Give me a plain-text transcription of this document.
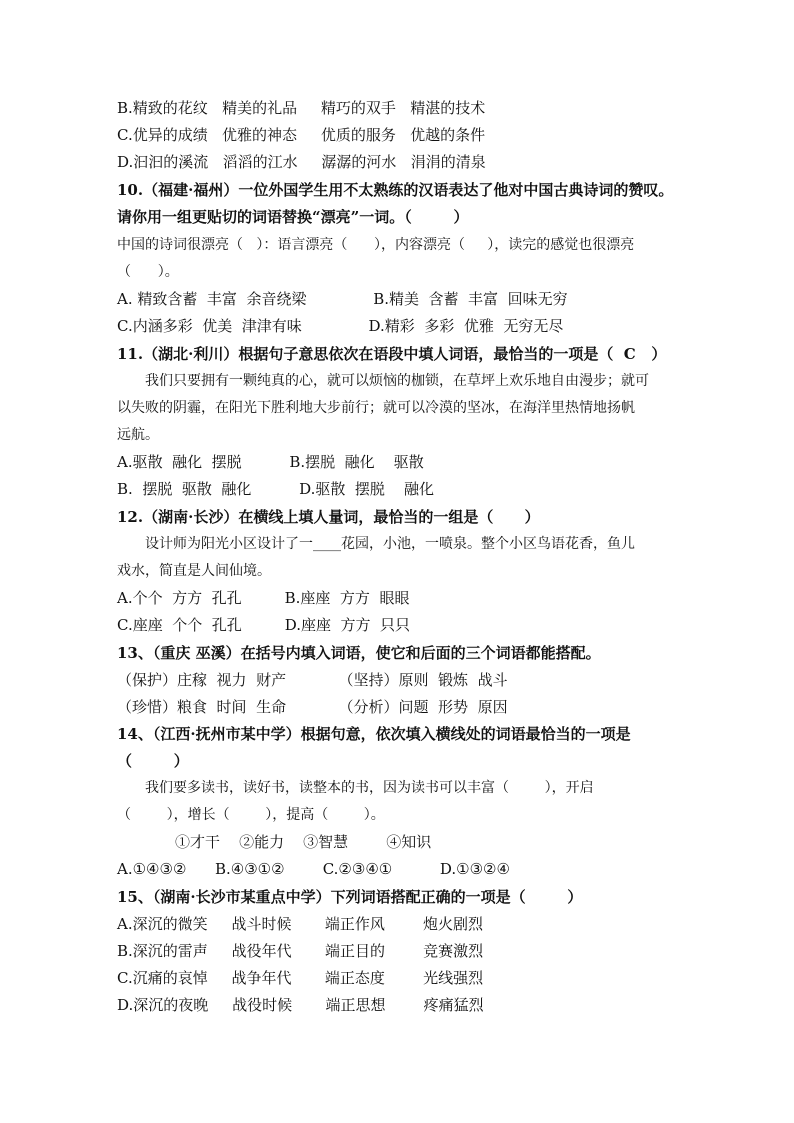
B.精致的花纹   精美的礼品     精巧的双手   精湛的技术
C.优异的成绩   优雅的神态     优质的服务   优越的条件
D.汩汩的溪流   滔滔的江水     潺潺的河水   涓涓的清泉
10.（福建·福州）一位外国学生用不太熟练的汉语表达了他对中国古典诗词的赞叹。
请你用一组更贴切的词语替换“漂亮”一词。（        ）
中国的诗词很漂亮（   ）：语言漂亮（      ），内容漂亮（     ），读完的感觉也很漂亮
（      ）。
A. 精致含蓄  丰富  余音绕梁              B.精美  含蓄  丰富  回味无穷
C.内涵多彩  优美  津津有味              D.精彩  多彩  优雅  无穷无尽
11.（湖北·利川）根据句子意思依次在语段中填人词语，最恰当的一项是（  C   ）
我们只要拥有一颗纯真的心，就可以烦恼的枷锁，在草坪上欢乐地自由漫步；就可
以失败的阴霾，在阳光下胜利地大步前行；就可以冷漠的坚冰，在海洋里热情地扬帆
远航。
A.驱散  融化  摆脱          B.摆脱  融化    驱散
B.  摆脱  驱散  融化          D.驱散  摆脱    融化
12.（湖南·长沙）在横线上填人量词，最恰当的一组是（      ）
设计师为阳光小区设计了一____花园，小池，一喷泉。整个小区鸟语花香，鱼儿
戏水，简直是人间仙境。
A.个个  方方  孔孔         B.座座  方方  眼眼
C.座座  个个  孔孔         D.座座  方方  只只
13、（重庆 巫溪）在括号内填入词语，使它和后面的三个词语都能搭配。
（保护）庄稼  视力  财产           （坚持）原则  锻炼  战斗
（珍惜）粮食  时间  生命           （分析）问题  形势  原因
14、（江西·抚州市某中学）根据句意，依次填入横线处的词语最恰当的一项是
（        ）
我们要多读书，读好书，读整本的书，因为读书可以丰富（        ），开启
（        ），增长（        ），提高（        ）。
①才干    ②能力    ③智慧        ④知识
A.①④③②      B.④③①②        C.②③④①          D.①③②④
15、（湖南·长沙市某重点中学）下列词语搭配正确的一项是（        ）
A.深沉的微笑     战斗时候       端正作风        炮火剧烈
B.深沉的雷声     战役年代       端正目的        竞赛激烈
C.沉痛的哀悼     战争年代       端正态度        光线强烈
D.深沉的夜晚     战役时候       端正思想        疼痛猛烈
